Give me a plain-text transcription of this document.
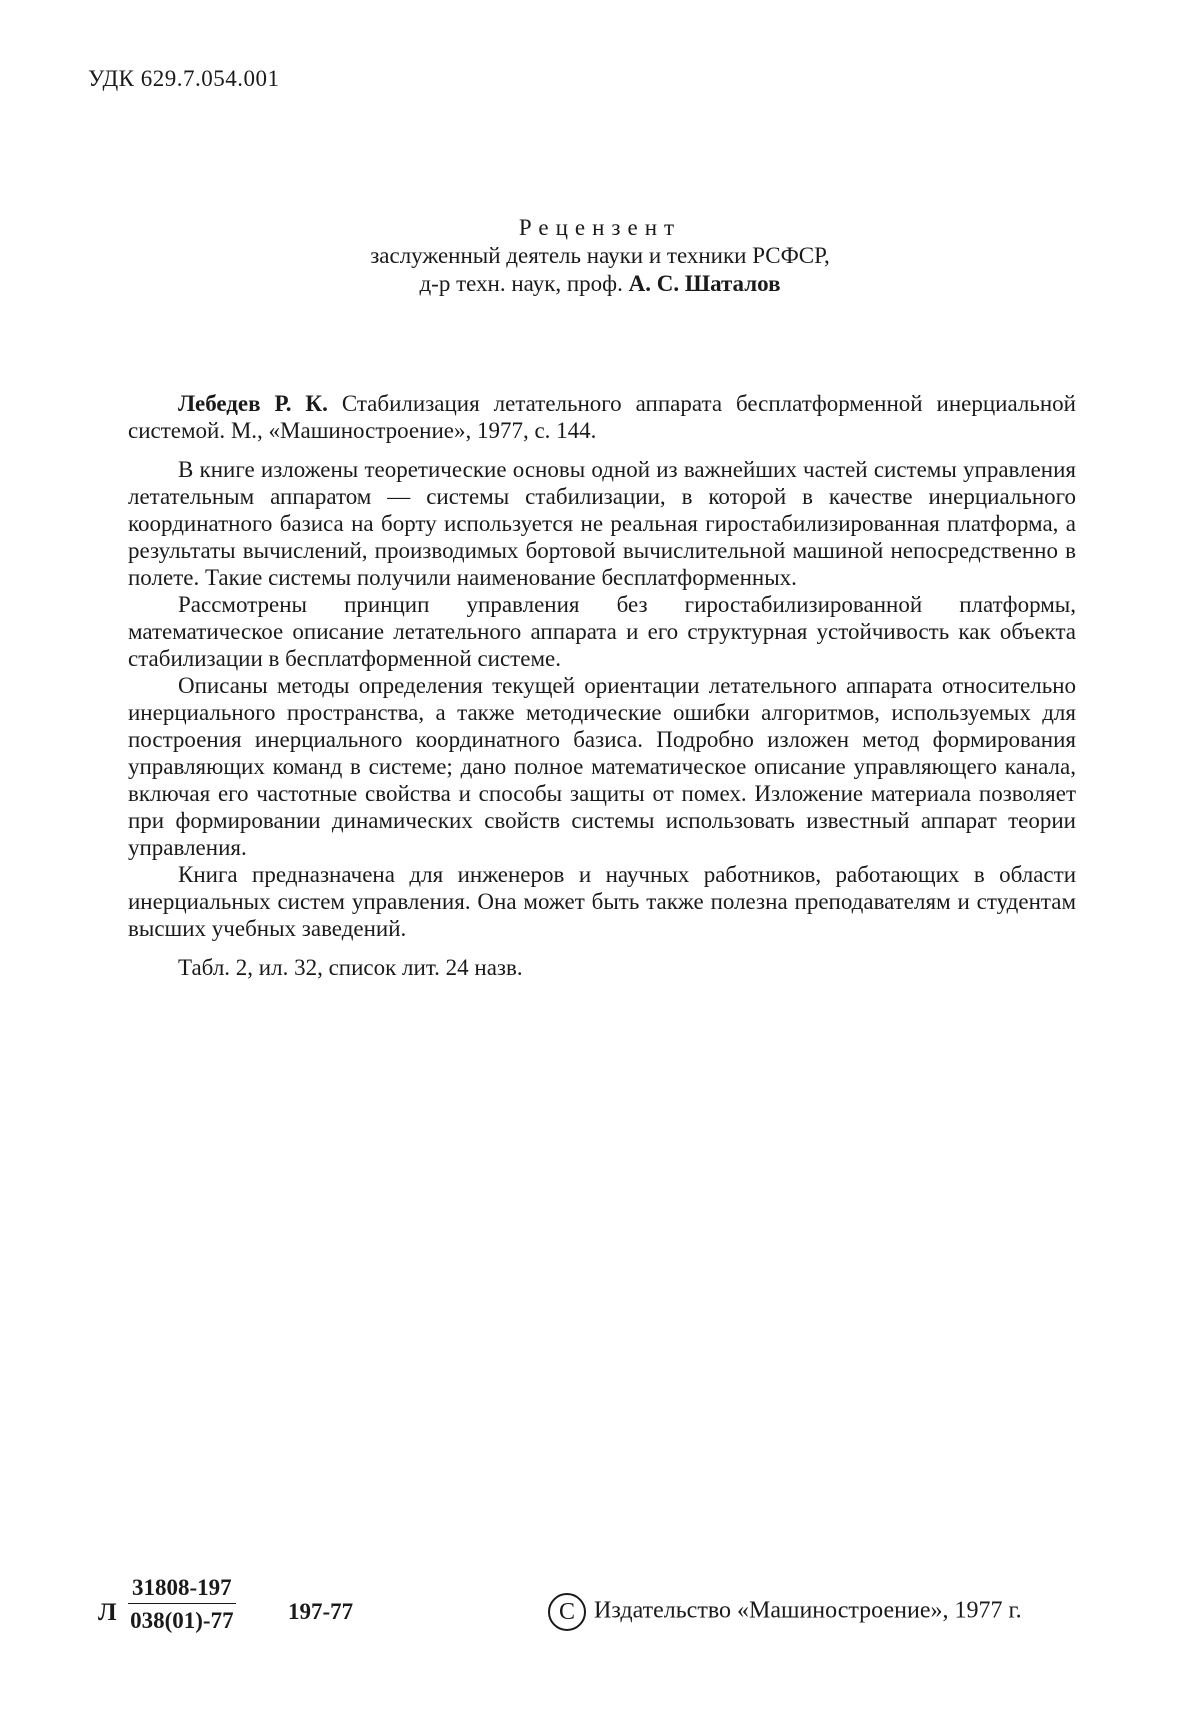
УДК 629.7.054.001
Рецензент
заслуженный деятель науки и техники РСФСР,
д-р техн. наук, проф. А. С. Шаталов
Лебедев Р. К. Стабилизация летательного аппарата бесплатформенной инерциальной системой. М., «Машиностроение», 1977, с. 144.

В книге изложены теоретические основы одной из важнейших частей системы управления летательным аппаратом — системы стабилизации, в которой в качестве инерциального координатного базиса на борту используется не реальная гиростабилизированная платформа, а результаты вычислений, производимых бортовой вычислительной машиной непосредственно в полете. Такие системы получили наименование бесплатформенных.

Рассмотрены принцип управления без гиростабилизированной платформы, математическое описание летательного аппарата и его структурная устойчивость как объекта стабилизации в бесплатформенной системе.

Описаны методы определения текущей ориентации летательного аппарата относительно инерциального пространства, а также методические ошибки алгоритмов, используемых для построения инерциального координатного базиса. Подробно изложен метод формирования управляющих команд в системе; дано полное математическое описание управляющего канала, включая его частотные свойства и способы защиты от помех. Изложение материала позволяет при формировании динамических свойств системы использовать известный аппарат теории управления.

Книга предназначена для инженеров и научных работников, работающих в области инерциальных систем управления. Она может быть также полезна преподавателям и студентам высших учебных заведений.

Табл. 2, ил. 32, список лит. 24 назв.

Л $\frac{31808-197}{038(01)-77} 197-77$	C Издательство «Машиностроение», 1977 г.
